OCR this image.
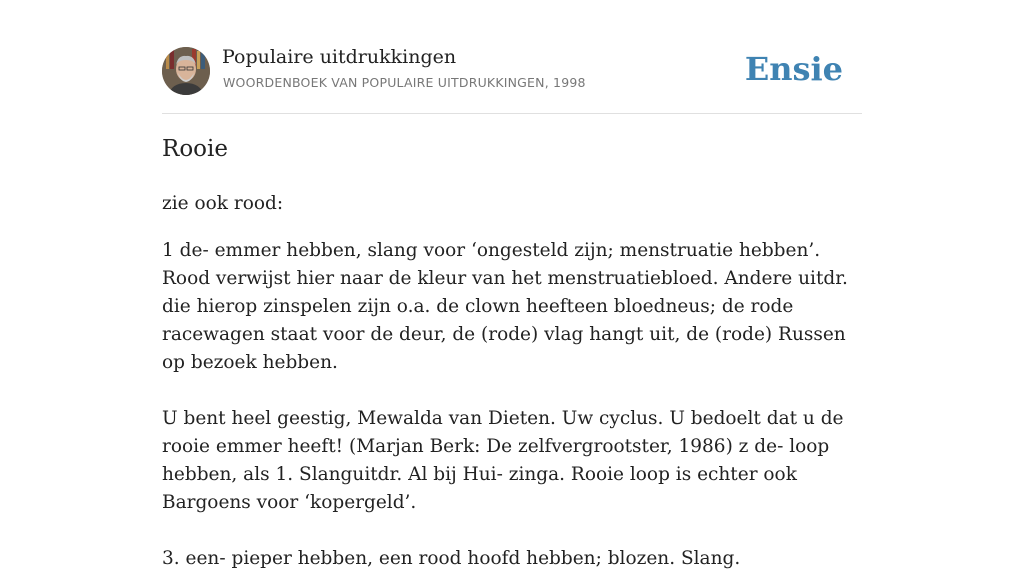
Populaire uitdrukkingen
WOORDENBOEK VAN POPULAIRE UITDRUKKINGEN, 1998	Ensie
Rooie

zie ook rood:

1 de- emmer hebben, slang voor ‘ongesteld zijn; menstruatie hebben’. Rood verwijst hier naar de kleur van het menstruatiebloed. Andere uitdr. die hierop zinspelen zijn o.a. de clown heefteen bloedneus; de rode racewagen staat voor de deur, de (rode) vlag hangt uit, de (rode) Russen op bezoek hebben.

U bent heel geestig, Mewalda van Dieten. Uw cyclus. U bedoelt dat u de rooie emmer heeft! (Marjan Berk: De zelfvergrootster, 1986) z de- loop hebben, als 1. Slanguitdr. Al bij Hui- zinga. Rooie loop is echter ook Bargoens voor ‘kopergeld’.

3. een- pieper hebben, een rood hoofd hebben; blozen. Slang.
